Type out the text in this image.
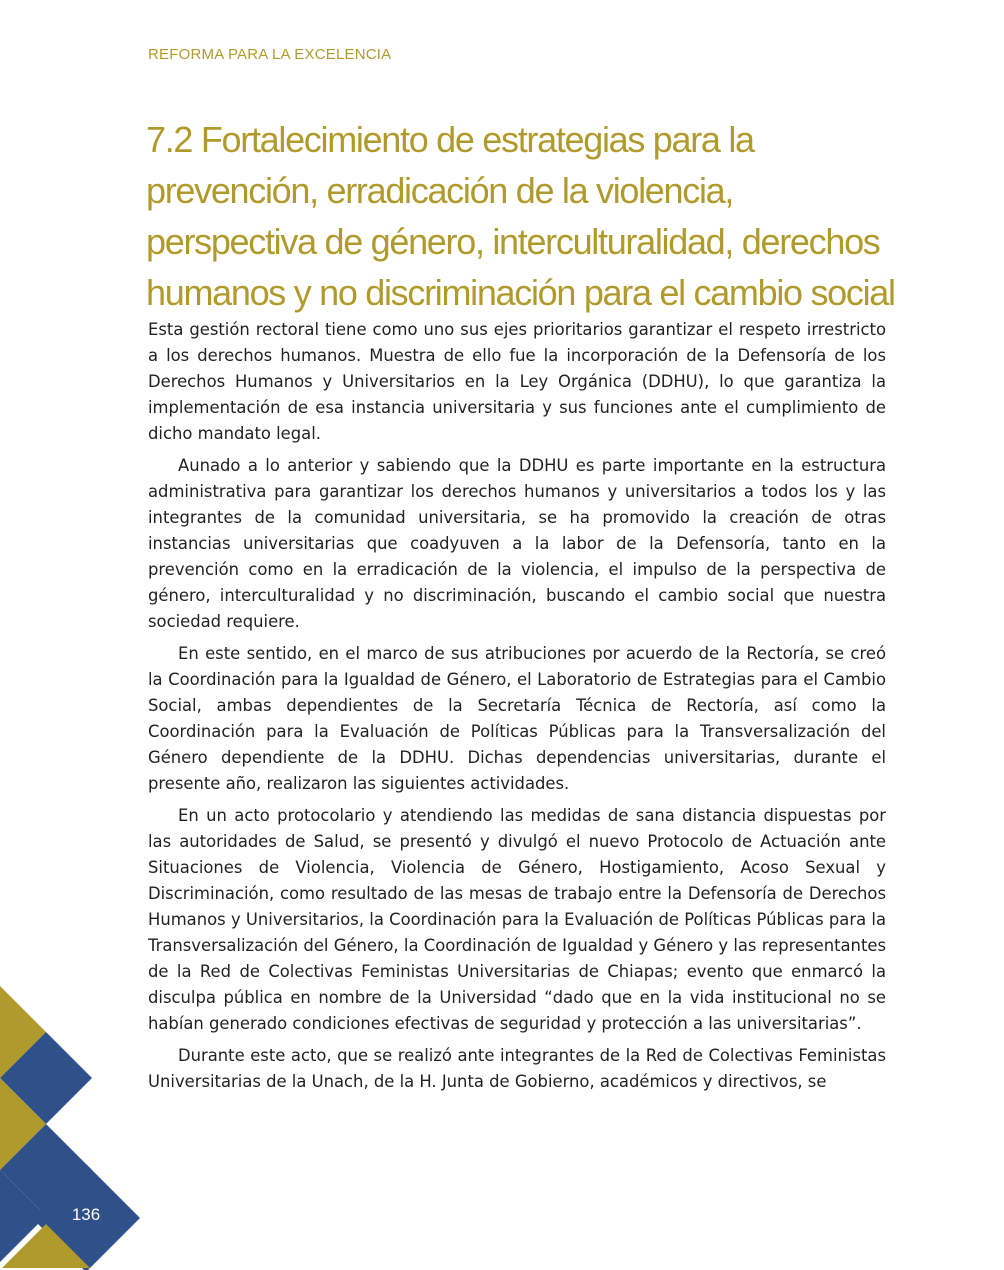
REFORMA PARA LA EXCELENCIA
7.2 Fortalecimiento de estrategias para la prevención, erradicación de la violencia, perspectiva de género, interculturalidad, derechos humanos y no discriminación para el cambio social

Esta gestión rectoral tiene como uno sus ejes prioritarios garantizar el respeto irrestricto a los derechos humanos. Muestra de ello fue la incorporación de la Defensoría de los Derechos Humanos y Universitarios en la Ley Orgánica (DDHU), lo que garantiza la implementación de esa instancia universitaria y sus funciones ante el cumplimiento de dicho mandato legal.

Aunado a lo anterior y sabiendo que la DDHU es parte importante en la estructura administrativa para garantizar los derechos humanos y universitarios a todos los y las integrantes de la comunidad universitaria, se ha promovido la creación de otras instancias universitarias que coadyuven a la labor de la Defensoría, tanto en la prevención como en la erradicación de la violencia, el impulso de la perspectiva de género, interculturalidad y no discriminación, buscando el cambio social que nuestra sociedad requiere.

En este sentido, en el marco de sus atribuciones por acuerdo de la Rectoría, se creó la Coordinación para la Igualdad de Género, el Laboratorio de Estrategias para el Cambio Social, ambas dependientes de la Secretaría Técnica de Rectoría, así como la Coordinación para la Evaluación de Políticas Públicas para la Transversalización del Género dependiente de la DDHU. Dichas dependencias universitarias, durante el presente año, realizaron las siguientes actividades.

En un acto protocolario y atendiendo las medidas de sana distancia dispuestas por las autoridades de Salud, se presentó y divulgó el nuevo Protocolo de Actuación ante Situaciones de Violencia, Violencia de Género, Hostigamiento, Acoso Sexual y Discriminación, como resultado de las mesas de trabajo entre la Defensoría de Derechos Humanos y Universitarios, la Coordinación para la Evaluación de Políticas Públicas para la Transversalización del Género, la Coordinación de Igualdad y Género y las representantes de la Red de Colectivas Feministas Universitarias de Chiapas; evento que enmarcó la disculpa pública en nombre de la Universidad “dado que en la vida institucional no se habían generado condiciones efectivas de seguridad y protección a las universitarias”.

Durante este acto, que se realizó ante integrantes de la Red de Colectivas Feministas Universitarias de la Unach, de la H. Junta de Gobierno, académicos y directivos, se

136
